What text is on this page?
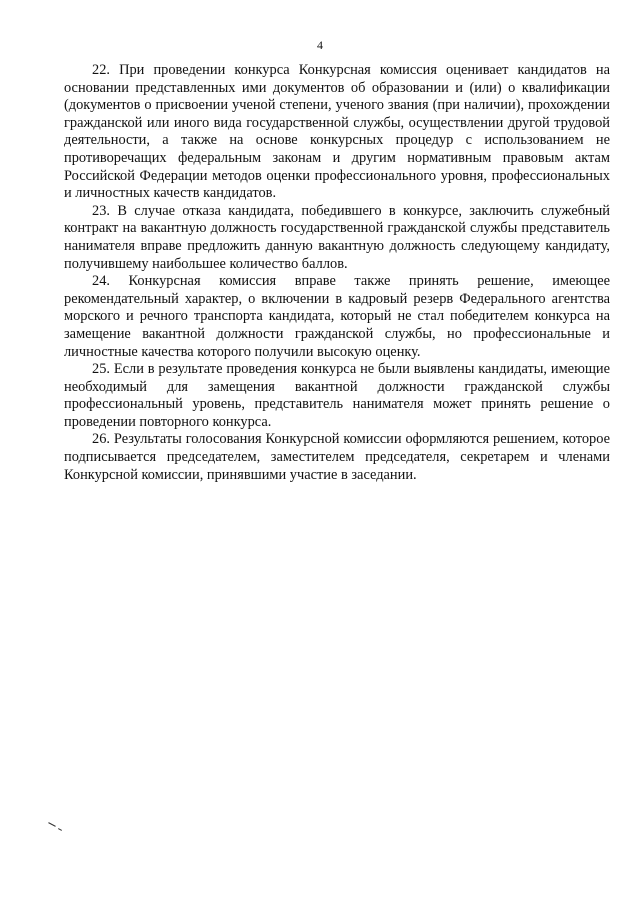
4

22. При проведении конкурса Конкурсная комиссия оценивает кандидатов на основании представленных ими документов об образовании и (или) о квалификации (документов о присвоении ученой степени, ученого звания (при наличии), прохождении гражданской или иного вида государственной службы, осуществлении другой трудовой деятельности, а также на основе конкурсных процедур с использованием не противоречащих федеральным законам и другим нормативным правовым актам Российской Федерации методов оценки профессионального уровня, профессиональных и личностных качеств кандидатов.

23. В случае отказа кандидата, победившего в конкурсе, заключить служебный контракт на вакантную должность государственной гражданской службы представитель нанимателя вправе предложить данную вакантную должность следующему кандидату, получившему наибольшее количество баллов.

24. Конкурсная комиссия вправе также принять решение, имеющее рекомендательный характер, о включении в кадровый резерв Федерального агентства морского и речного транспорта кандидата, который не стал победителем конкурса на замещение вакантной должности гражданской службы, но профессиональные и личностные качества которого получили высокую оценку.

25. Если в результате проведения конкурса не были выявлены кандидаты, имеющие необходимый для замещения вакантной должности гражданской службы профессиональный уровень, представитель нанимателя может принять решение о проведении повторного конкурса.

26. Результаты голосования Конкурсной комиссии оформляются решением, которое подписывается председателем, заместителем председателя, секретарем и членами Конкурсной комиссии, принявшими участие в заседании.
